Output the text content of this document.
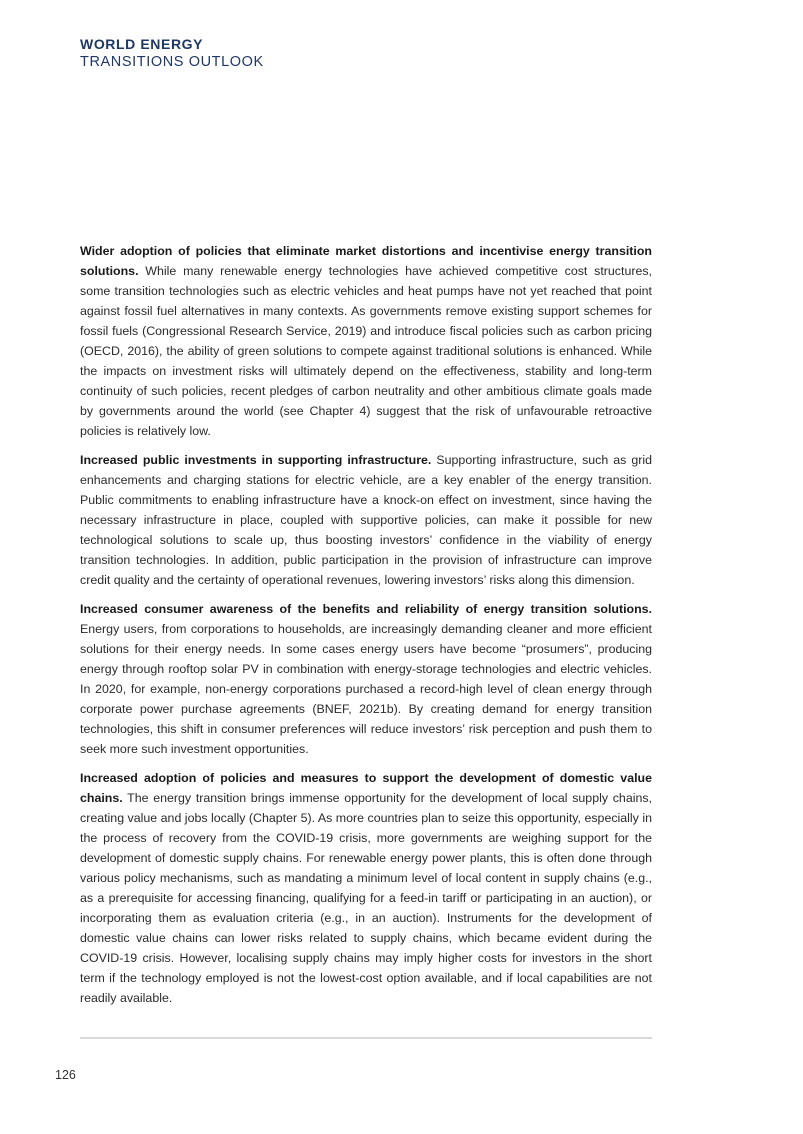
WORLD ENERGY
TRANSITIONS OUTLOOK

Wider adoption of policies that eliminate market distortions and incentivise energy transition solutions. While many renewable energy technologies have achieved competitive cost structures, some transition technologies such as electric vehicles and heat pumps have not yet reached that point against fossil fuel alternatives in many contexts. As governments remove existing support schemes for fossil fuels (Congressional Research Service, 2019) and introduce fiscal policies such as carbon pricing (OECD, 2016), the ability of green solutions to compete against traditional solutions is enhanced. While the impacts on investment risks will ultimately depend on the effectiveness, stability and long-term continuity of such policies, recent pledges of carbon neutrality and other ambitious climate goals made by governments around the world (see Chapter 4) suggest that the risk of unfavourable retroactive policies is relatively low.

Increased public investments in supporting infrastructure. Supporting infrastructure, such as grid enhancements and charging stations for electric vehicle, are a key enabler of the energy transition. Public commitments to enabling infrastructure have a knock-on effect on investment, since having the necessary infrastructure in place, coupled with supportive policies, can make it possible for new technological solutions to scale up, thus boosting investors’ confidence in the viability of energy transition technologies. In addition, public participation in the provision of infrastructure can improve credit quality and the certainty of operational revenues, lowering investors’ risks along this dimension.

Increased consumer awareness of the benefits and reliability of energy transition solutions. Energy users, from corporations to households, are increasingly demanding cleaner and more efficient solutions for their energy needs. In some cases energy users have become “prosumers”, producing energy through rooftop solar PV in combination with energy-storage technologies and electric vehicles. In 2020, for example, non-energy corporations purchased a record-high level of clean energy through corporate power purchase agreements (BNEF, 2021b). By creating demand for energy transition technologies, this shift in consumer preferences will reduce investors’ risk perception and push them to seek more such investment opportunities.

Increased adoption of policies and measures to support the development of domestic value chains. The energy transition brings immense opportunity for the development of local supply chains, creating value and jobs locally (Chapter 5). As more countries plan to seize this opportunity, especially in the process of recovery from the COVID-19 crisis, more governments are weighing support for the development of domestic supply chains. For renewable energy power plants, this is often done through various policy mechanisms, such as mandating a minimum level of local content in supply chains (e.g., as a prerequisite for accessing financing, qualifying for a feed-in tariff or participating in an auction), or incorporating them as evaluation criteria (e.g., in an auction). Instruments for the development of domestic value chains can lower risks related to supply chains, which became evident during the COVID-19 crisis. However, localising supply chains may imply higher costs for investors in the short term if the technology employed is not the lowest-cost option available, and if local capabilities are not readily available.

126
